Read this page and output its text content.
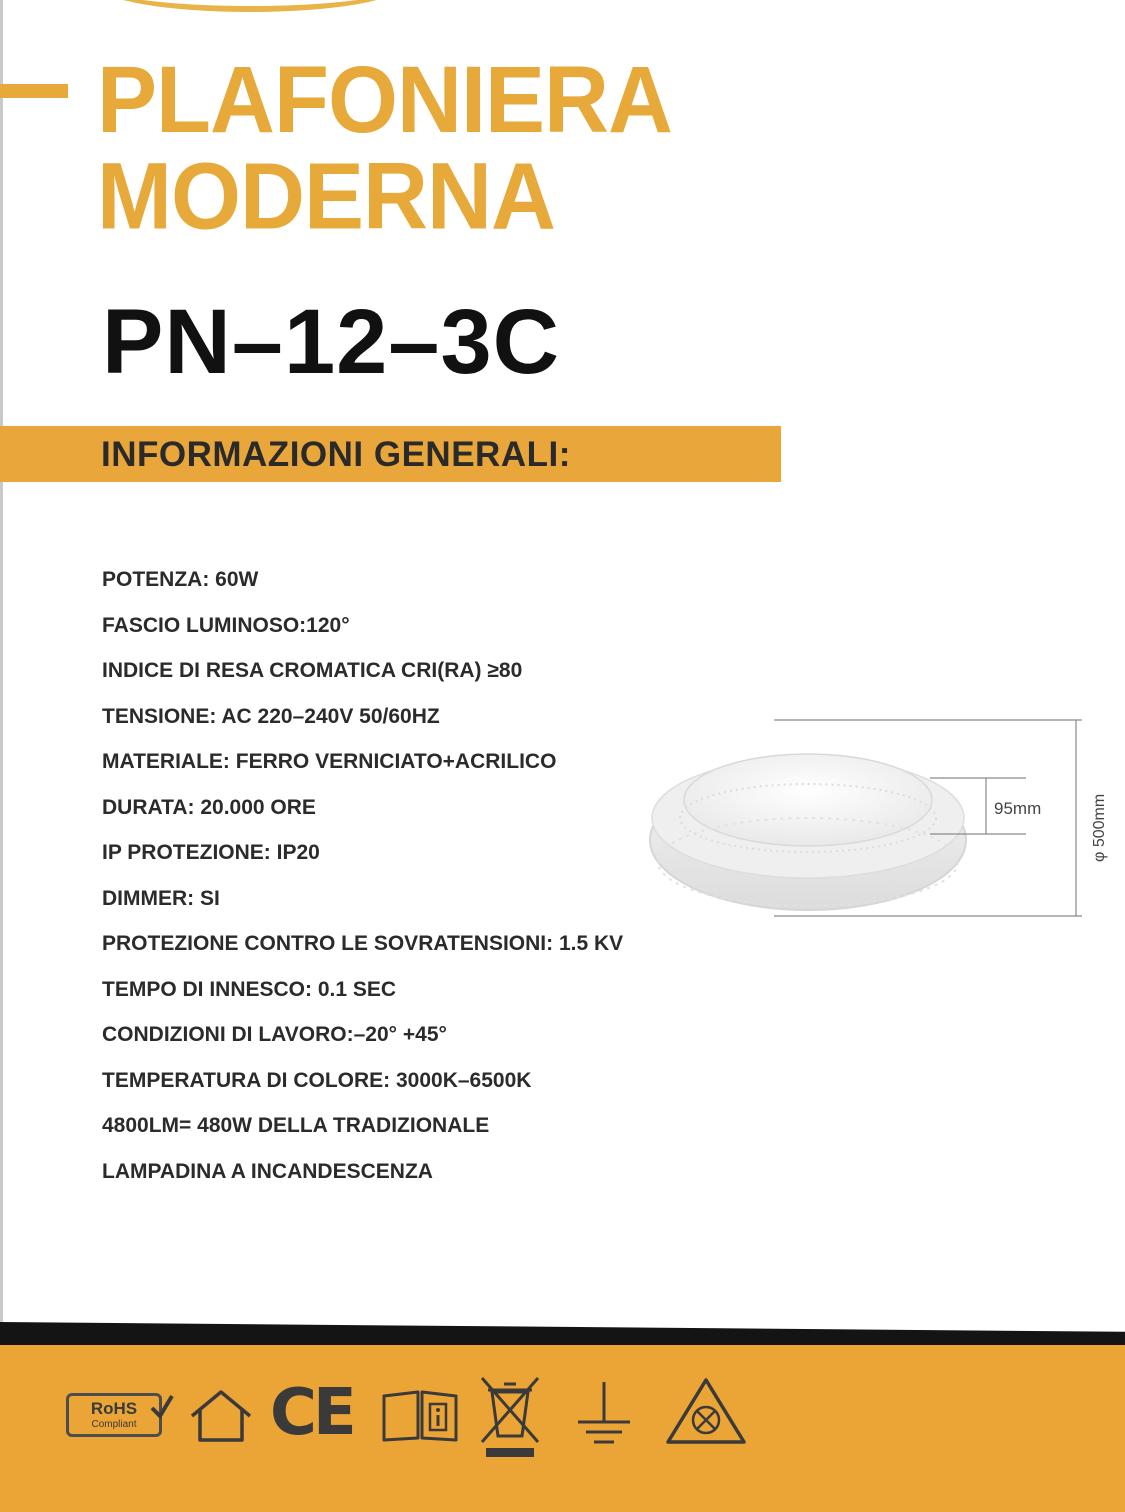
PLAFONIERA
MODERNA
PN–12–3C
INFORMAZIONI GENERALI:
POTENZA: 60W
FASCIO LUMINOSO:120°
INDICE DI RESA CROMATICA CRI(RA) ≥80
TENSIONE: AC 220–240V 50/60HZ
MATERIALE: FERRO VERNICIATO+ACRILICO
DURATA: 20.000 ORE
IP PROTEZIONE: IP20
DIMMER: SI
PROTEZIONE CONTRO LE SOVRATENSIONI: 1.5 KV
TEMPO DI INNESCO: 0.1 SEC
CONDIZIONI DI LAVORO:–20° +45°
TEMPERATURA DI COLORE: 3000K–6500K
4800LM= 480W DELLA TRADIZIONALE
LAMPADINA A INCANDESCENZA
95mm	φ 500mm
RoHS
Compliant	CE
